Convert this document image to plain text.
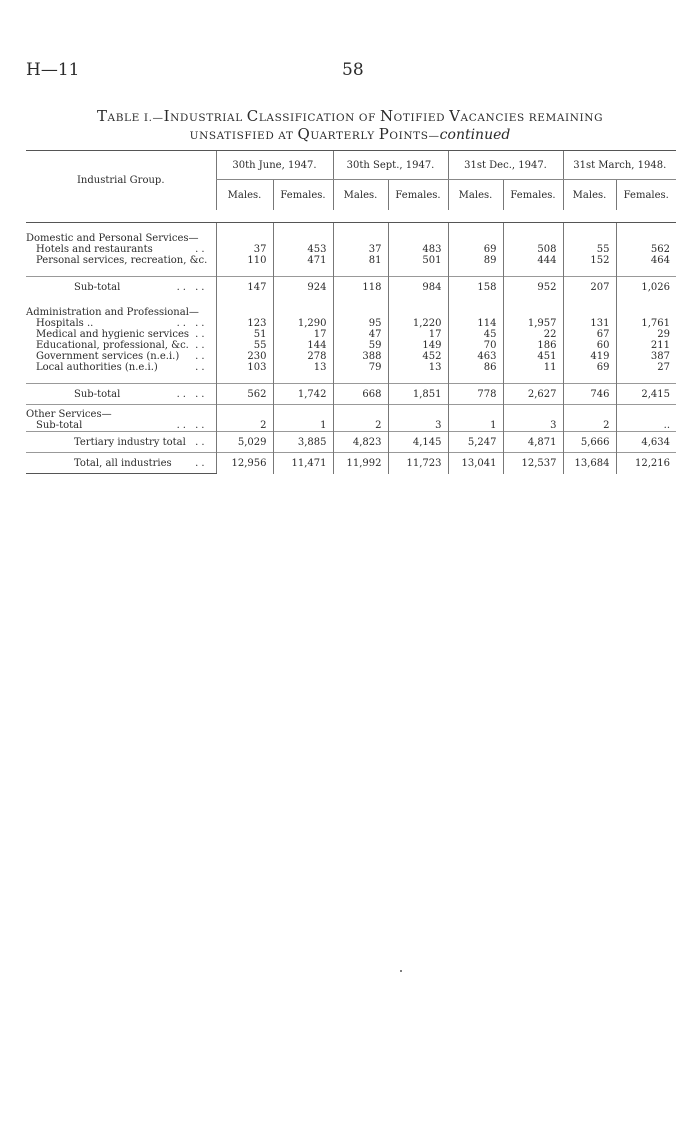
H—11	58
TABLE I.—INDUSTRIAL CLASSIFICATION OF NOTIFIED VACANCIES REMAINING
UNSATISFIED AT QUARTERLY POINTS—continued

Industrial Group.	30th June, 1947.		30th Sept., 1947.		31st Dec., 1947.		31st March, 1948.	
	Males.	Females.	Males.	Females.	Males.	Females.	Males.	Females.

Domestic and Personal Services—								

Hotels and restaurants ..	37	453	37	483	69	508	55	562

Personal services, recreation, &c.	110	471	81	501	89	444	152	464

Sub-total .. ..	147	924	118	984	158	952	207	1,026

Administration and Professional—								

Hospitals .. .. ..	123	1,290	95	1,220	114	1,957	131	1,761

Medical and hygienic services ..	51	17	47	17	45	22	67	29

Educational, professional, &c. ..	55	144	59	149	70	186	60	211

Government services (n.e.i.) ..	230	278	388	452	463	451	419	387

Local authorities (n.e.i.) ..	103	13	79	13	86	11	69	27

Sub-total .. ..	562	1,742	668	1,851	778	2,627	746	2,415
Other Services—								

Sub-total .. ..	2	1	2	3	1	3	2	..

Tertiary industry total ..	5,029	3,885	4,823	4,145	5,247	4,871	5,666	4,634

Total, all industries ..	12,956	11,471	11,992	11,723	13,041	12,537	13,684	12,216
